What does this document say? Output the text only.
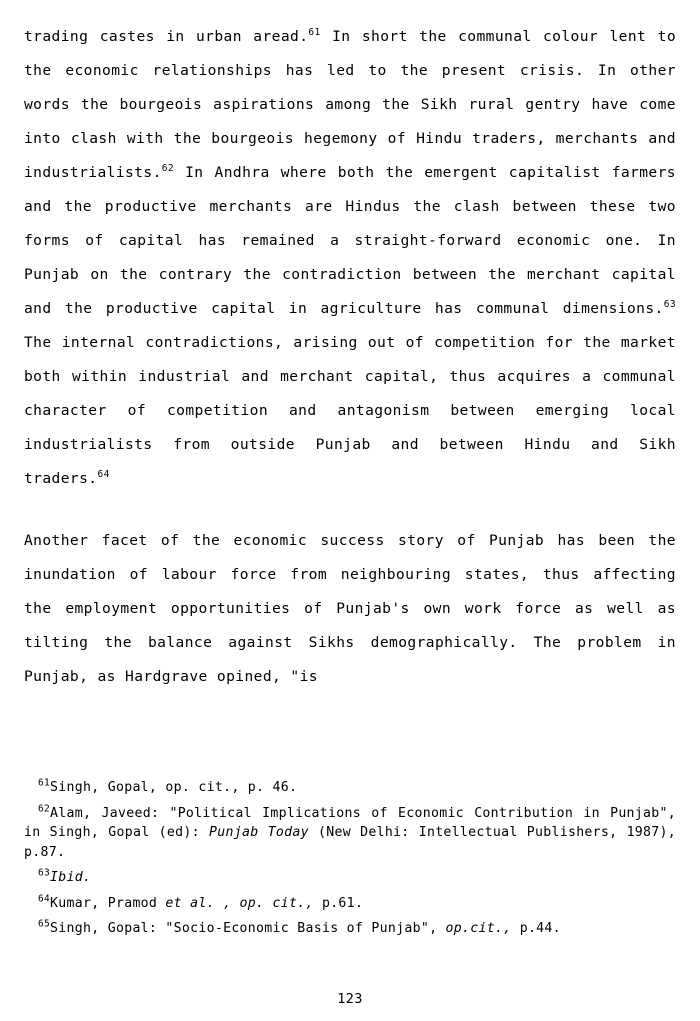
trading castes in urban aread.$^{61}$ In short the communal colour lent to the economic relationships has led to the present crisis. In other words the bourgeois aspirations among the Sikh rural gentry have come into clash with the bourgeois hegemony of Hindu traders, merchants and industrialists.$^{62}$ In Andhra where both the emergent capitalist farmers and the productive merchants are Hindus the clash between these two forms of capital has remained a straight-forward economic one. In Punjab on the contrary the contradiction between the merchant capital and the productive capital in agriculture has communal dimensions.$^{63}$ The internal contradictions, arising out of competition for the market both within industrial and merchant capital, thus acquires a communal character of competition and antagonism between emerging local industrialists from outside Punjab and between Hindu and Sikh traders.$^{64}$

Another facet of the economic success story of Punjab has been the inundation of labour force from neighbouring states, thus affecting the employment opportunities of Punjab's own work force as well as tilting the balance against Sikhs demographically. The problem in Punjab, as Hardgrave opined, "is

$^{61}$Singh, Gopal, op. cit., p. 46.

$^{62}$Alam, Javeed: "Political Implications of Economic Contribution in Punjab", in Singh, Gopal (ed): Punjab Today (New Delhi: Intellectual Publishers, 1987), p.87.

$^{63}$Ibid.

$^{64}$Kumar, Pramod et al. , op. cit., p.61.

$^{65}$Singh, Gopal: "Socio-Economic Basis of Punjab", op.cit., p.44.

123
